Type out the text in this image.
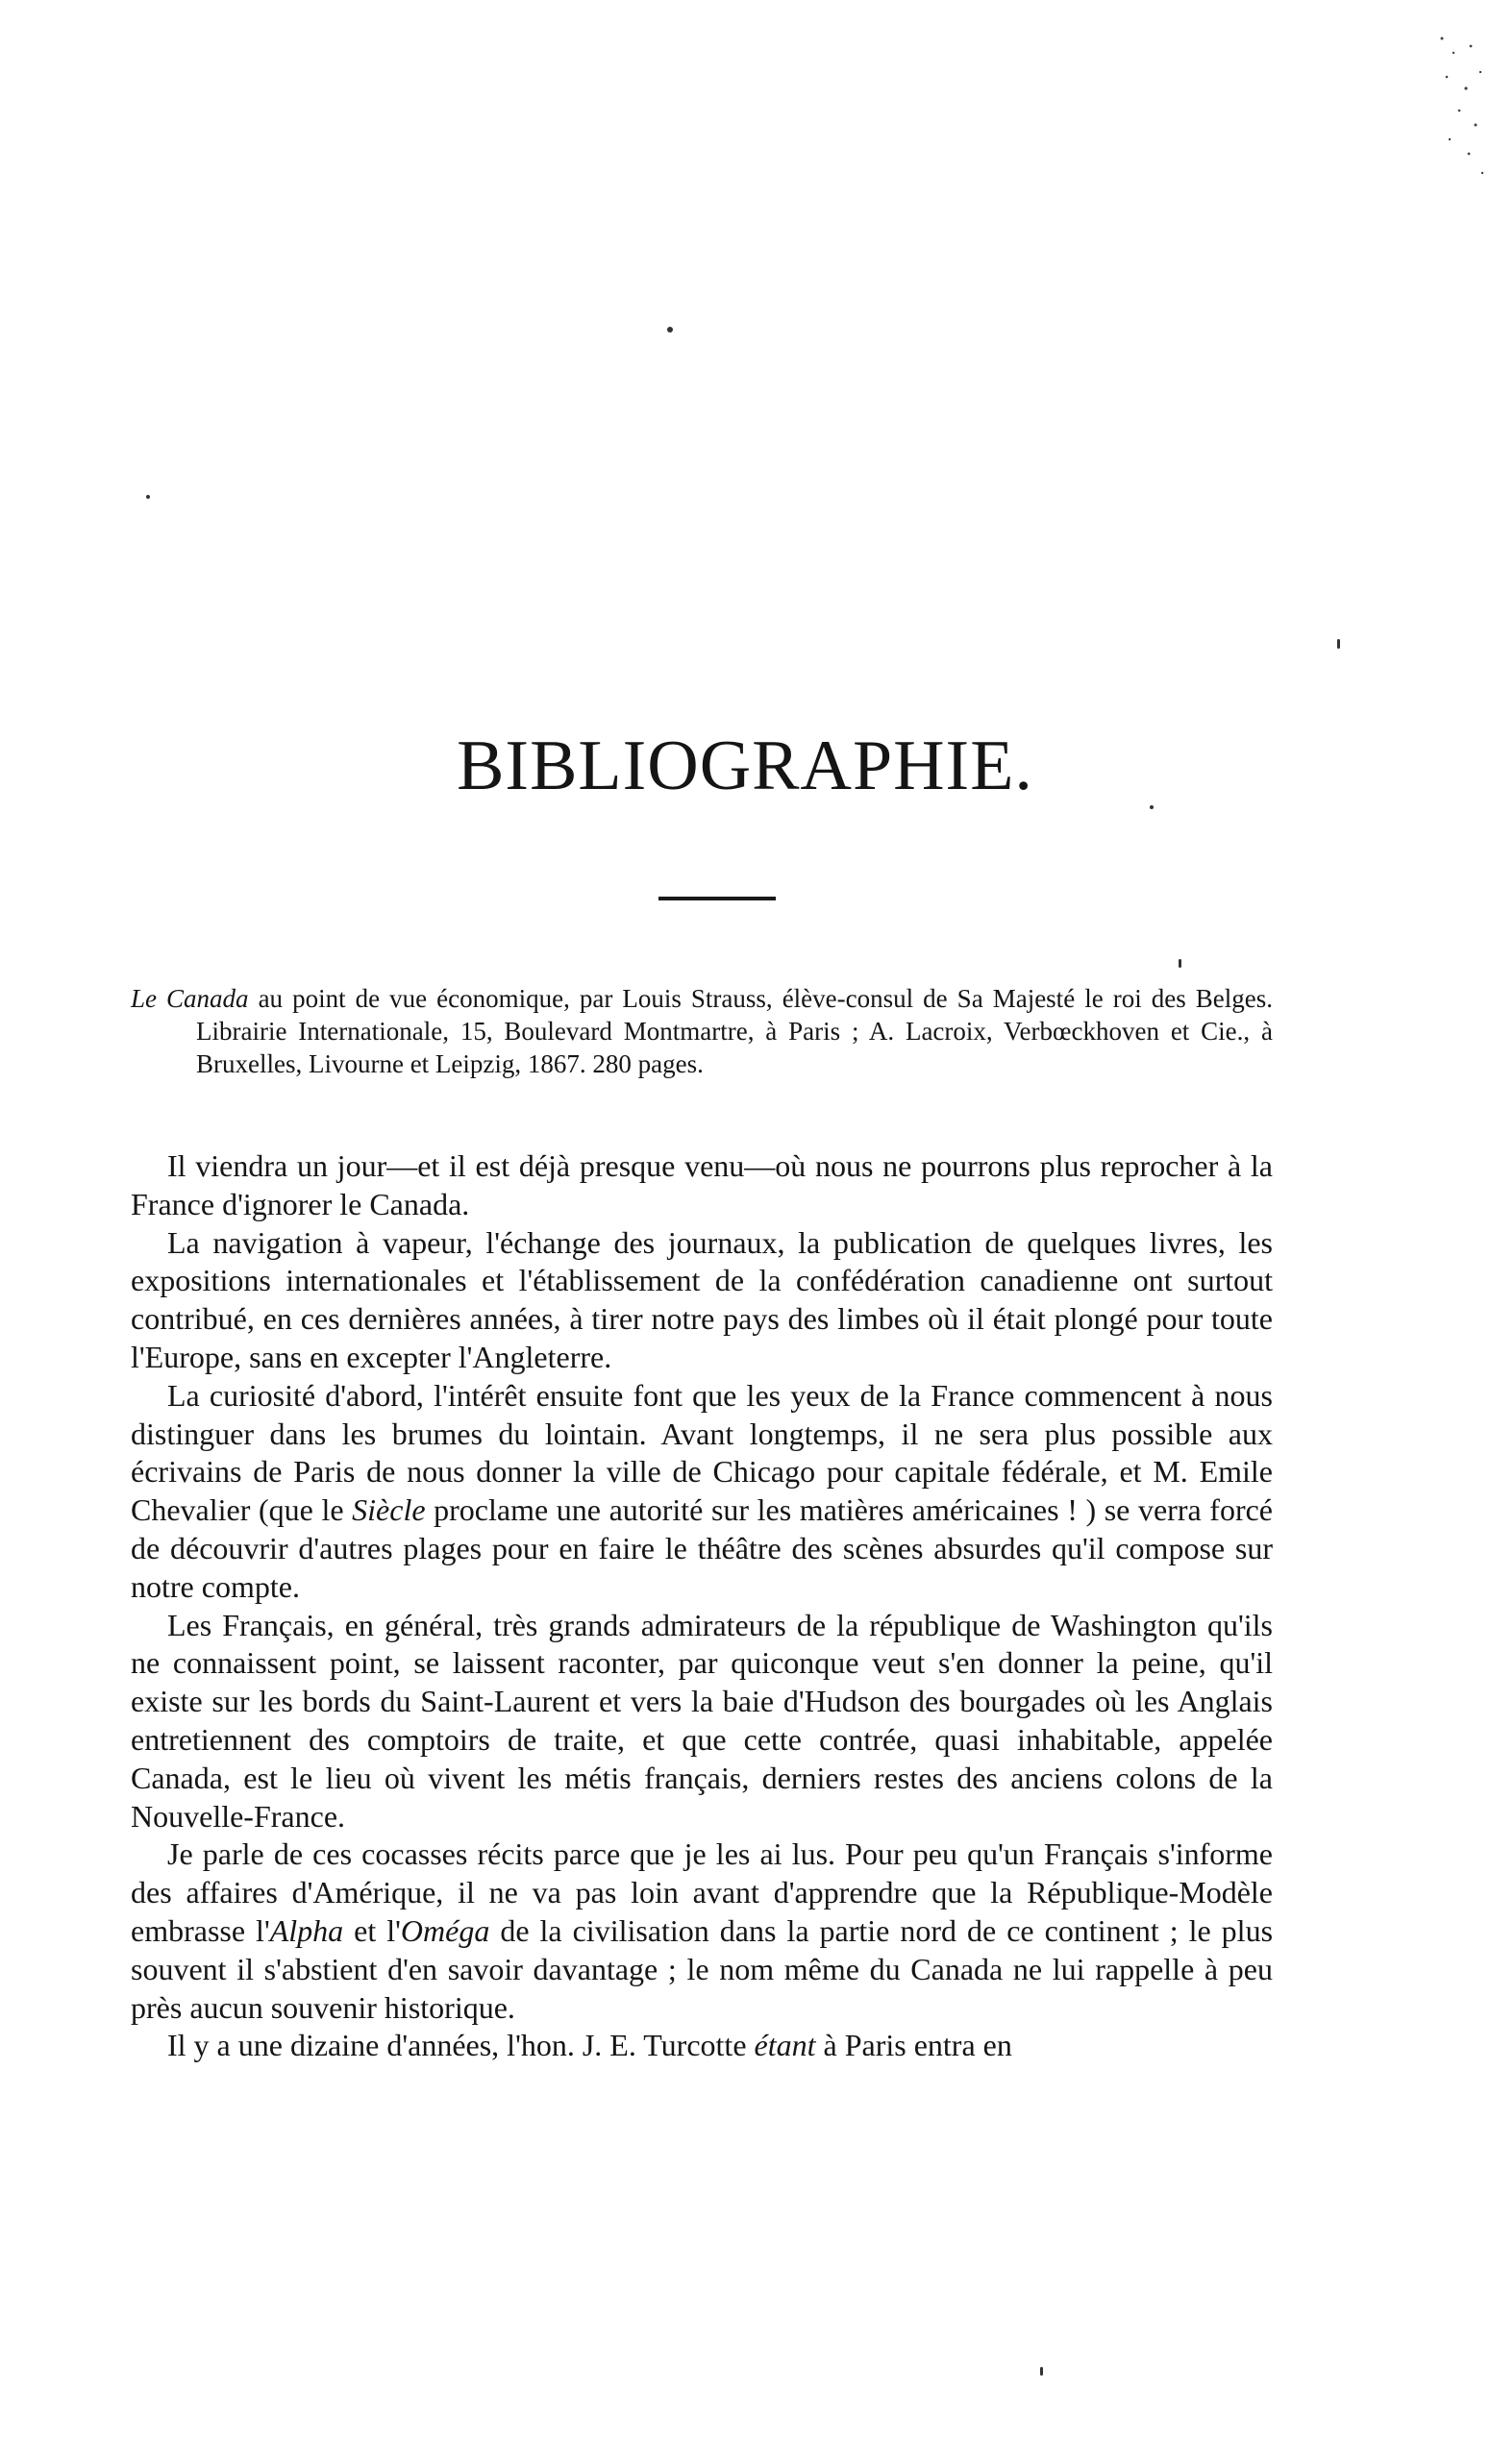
BIBLIOGRAPHIE.

Le Canada au point de vue économique, par Louis Strauss, élève-consul de Sa Majesté le roi des Belges. Librairie Internationale, 15, Boulevard Montmartre, à Paris ; A. Lacroix, Verbœckhoven et Cie., à Bruxelles, Livourne et Leipzig, 1867. 280 pages.

Il viendra un jour—et il est déjà presque venu—où nous ne pourrons plus reprocher à la France d'ignorer le Canada.

La navigation à vapeur, l'échange des journaux, la publication de quelques livres, les expositions internationales et l'établissement de la confédération canadienne ont surtout contribué, en ces dernières années, à tirer notre pays des limbes où il était plongé pour toute l'Europe, sans en excepter l'Angleterre.

La curiosité d'abord, l'intérêt ensuite font que les yeux de la France commencent à nous distinguer dans les brumes du lointain. Avant longtemps, il ne sera plus possible aux écrivains de Paris de nous donner la ville de Chicago pour capitale fédérale, et M. Emile Chevalier (que le Siècle proclame une autorité sur les matières américaines ! ) se verra forcé de découvrir d'autres plages pour en faire le théâtre des scènes absurdes qu'il compose sur notre compte.

Les Français, en général, très grands admirateurs de la république de Washington qu'ils ne connaissent point, se laissent raconter, par quiconque veut s'en donner la peine, qu'il existe sur les bords du Saint-Laurent et vers la baie d'Hudson des bourgades où les Anglais entretiennent des comptoirs de traite, et que cette contrée, quasi inhabitable, appelée Canada, est le lieu où vivent les métis français, derniers restes des anciens colons de la Nouvelle-France.

Je parle de ces cocasses récits parce que je les ai lus. Pour peu qu'un Français s'informe des affaires d'Amérique, il ne va pas loin avant d'apprendre que la République-Modèle embrasse l'Alpha et l'Oméga de la civilisation dans la partie nord de ce continent ; le plus souvent il s'abstient d'en savoir davantage ; le nom même du Canada ne lui rappelle à peu près aucun souvenir historique.

Il y a une dizaine d'années, l'hon. J. E. Turcotte étant à Paris entra en
